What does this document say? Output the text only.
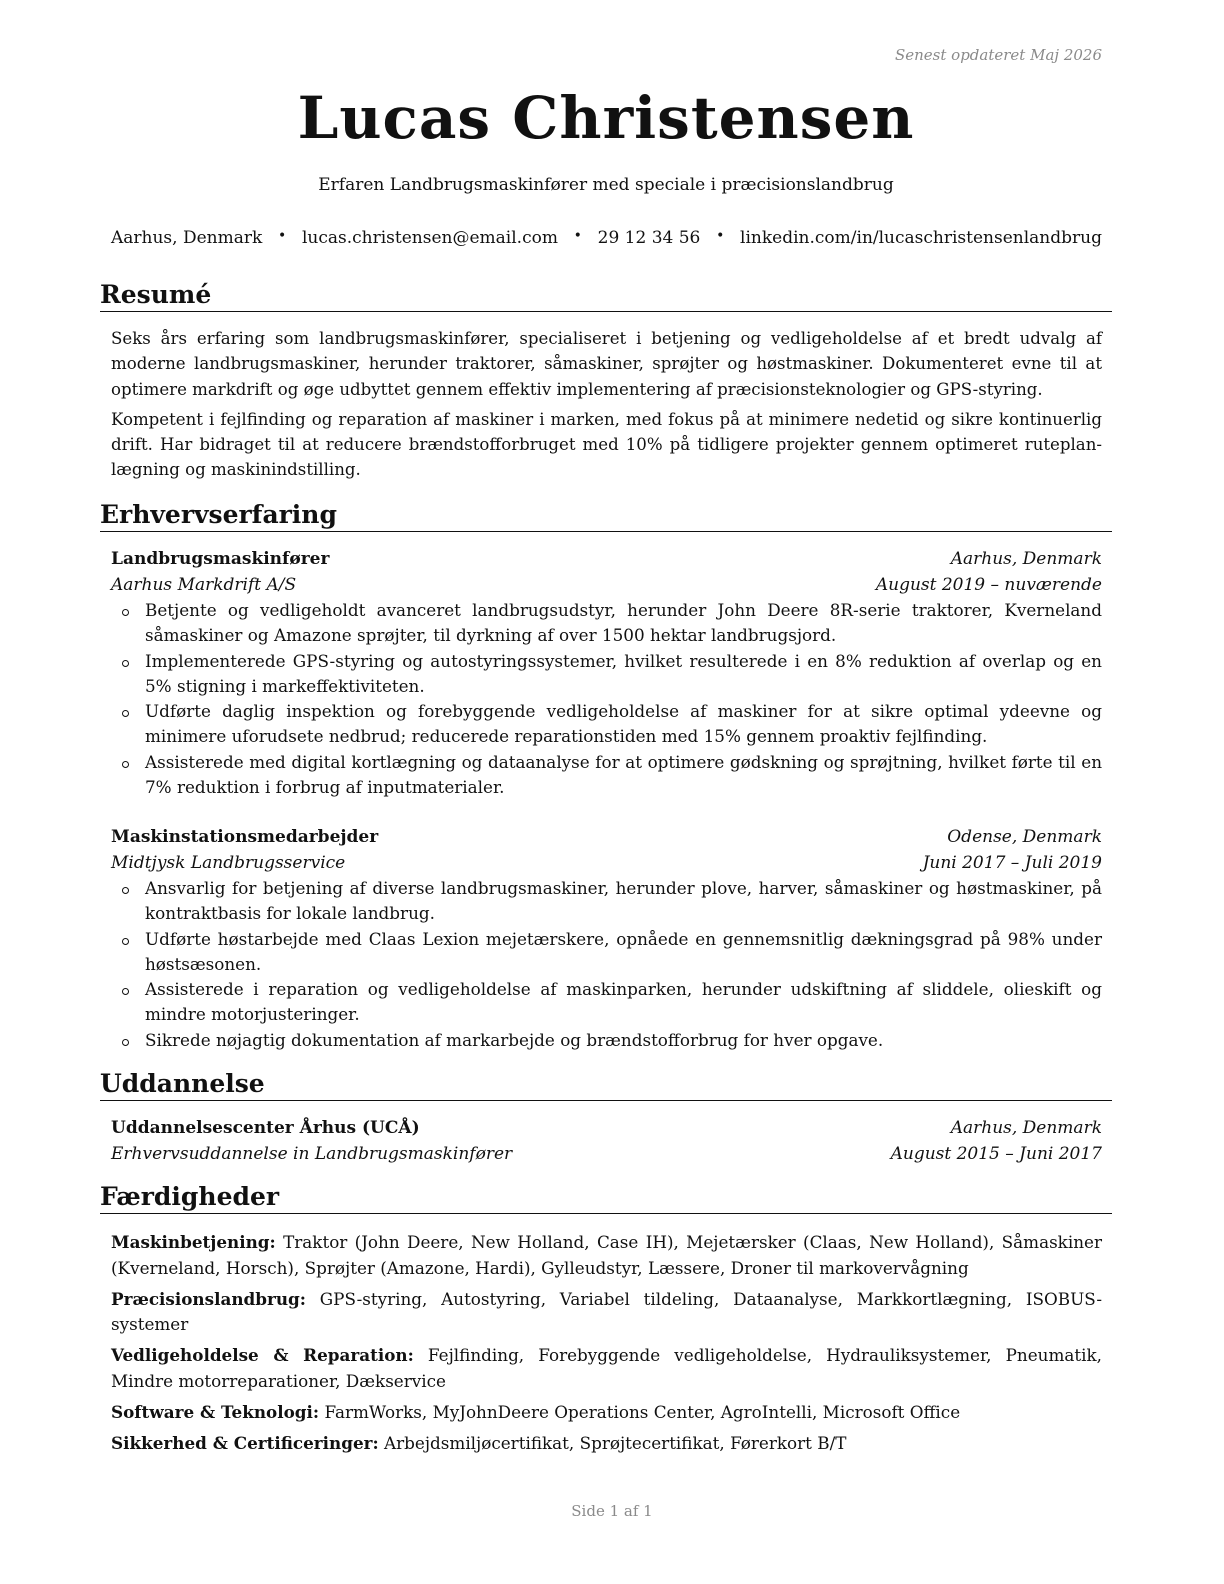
Senest opdateret Maj 2026
Lucas Christensen
Erfaren Landbrugsmaskinfører med speciale i præcisionslandbrug
Aarhus, Denmark • lucas.christensen@email.com • 29 12 34 56 • linkedin.com/in/lucaschristensenlandbrug
Resumé

Seks års erfaring som landbrugsmaskinfører, specialiseret i betjening og vedligeholdelse af et bredt udvalg af moderne landbrugsmaskiner, herunder traktorer, såmaskiner, sprøjter og høstmaskiner. Dokumenteret evne til at optimere markdrift og øge udbyttet gennem effektiv implementering af præcisionsteknologier og GPS-styring.

Kompetent i fejlfinding og reparation af maskiner i marken, med fokus på at minimere nedetid og sikre kontinuerlig drift. Har bidraget til at reducere brændstofforbruget med 10% på tidligere projekter gennem optimeret ruteplanlægning og maskinindstilling.

Erhvervserfaring
Landbrugsmaskinfører	Aarhus, Denmark
Aarhus Markdrift A/S	August 2019 – nuværende
Betjente og vedligeholdt avanceret landbrugsudstyr, herunder John Deere 8R-serie traktorer, Kverneland såmaskiner og Amazone sprøjter, til dyrkning af over 1500 hektar landbrugsjord.
Implementerede GPS-styring og autostyringssystemer, hvilket resulterede i en 8% reduktion af overlap og en 5% stigning i markeffektiviteten.
Udførte daglig inspektion og forebyggende vedligeholdelse af maskiner for at sikre optimal ydeevne og minimere uforudsete nedbrud; reducerede reparationstiden med 15% gennem proaktiv fejlfinding.
Assisterede med digital kortlægning og dataanalyse for at optimere gødskning og sprøjtning, hvilket førte til en 7% reduktion i forbrug af inputmaterialer.
Maskinstationsmedarbejder	Odense, Denmark
Midtjysk Landbrugsservice	Juni 2017 – Juli 2019
Ansvarlig for betjening af diverse landbrugsmaskiner, herunder plove, harver, såmaskiner og høstmaskiner, på kontraktbasis for lokale landbrug.
Udførte høstarbejde med Claas Lexion mejetærskere, opnåede en gennemsnitlig dækningsgrad på 98% under høstsæsonen.
Assisterede i reparation og vedligeholdelse af maskinparken, herunder udskiftning af sliddele, olieskift og mindre motorjusteringer.
Sikrede nøjagtig dokumentation af markarbejde og brændstofforbrug for hver opgave.
Uddannelse
Uddannelsescenter Århus (UCÅ)	Aarhus, Denmark
Erhvervsuddannelse in Landbrugsmaskinfører	August 2015 – Juni 2017
Færdigheder
Maskinbetjening: Traktor (John Deere, New Holland, Case IH), Mejetærsker (Claas, New Holland), Såmaskiner (Kverneland, Horsch), Sprøjter (Amazone, Hardi), Gylleudstyr, Læssere, Droner til markovervågning
Præcisionslandbrug: GPS-styring, Autostyring, Variabel tildeling, Dataanalyse, Markkortlægning, ISOBUS-systemer
Vedligeholdelse & Reparation: Fejlfinding, Forebyggende vedligeholdelse, Hydrauliksystemer, Pneumatik, Mindre motorreparationer, Dækservice
Software & Teknologi: FarmWorks, MyJohnDeere Operations Center, AgroIntelli, Microsoft Office
Sikkerhed & Certificeringer: Arbejdsmiljøcertifikat, Sprøjtecertifikat, Førerkort B/T
Side 1 af 1
